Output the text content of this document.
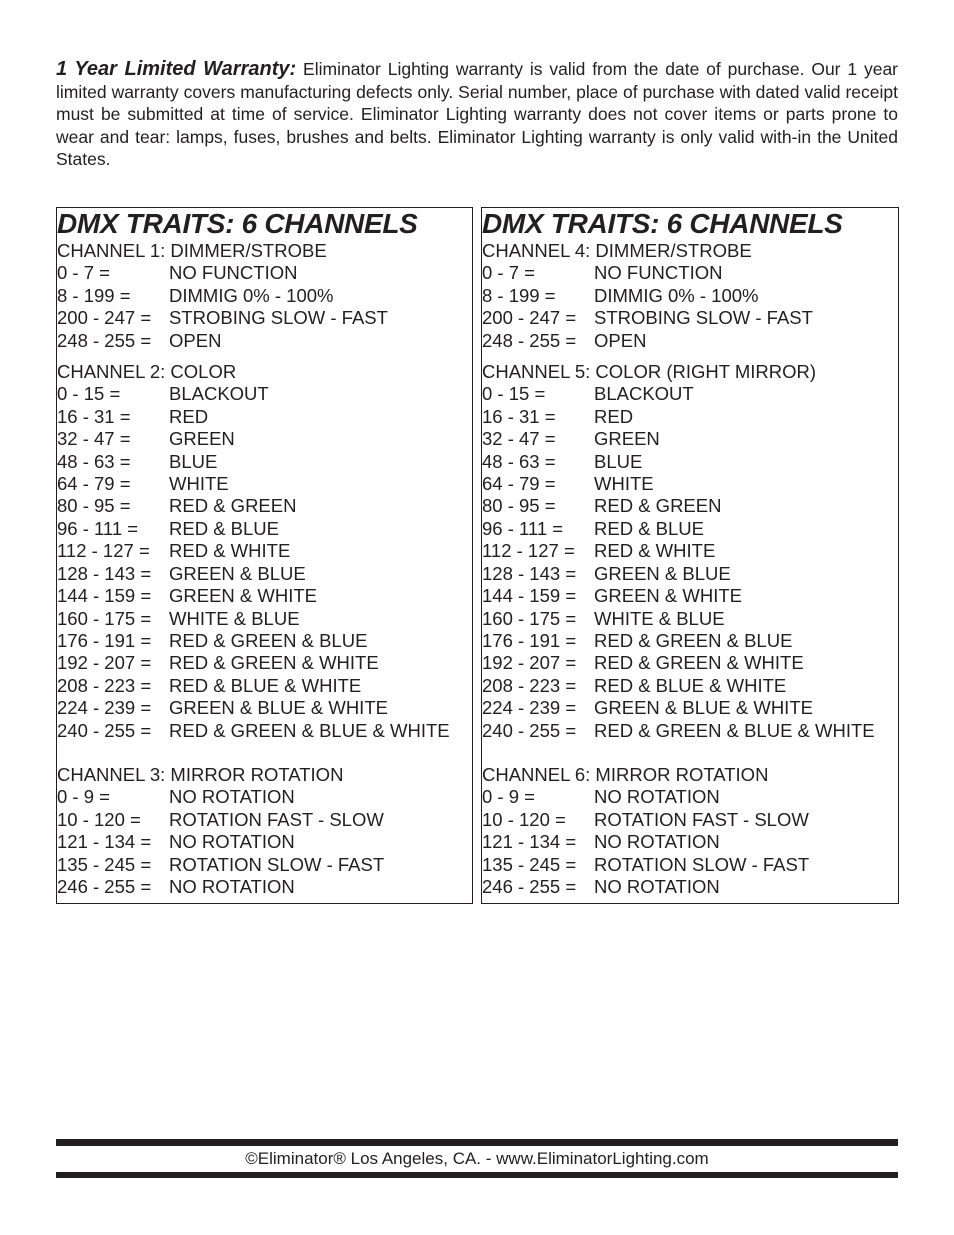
1 Year Limited Warranty: Eliminator Lighting warranty is valid from the date of purchase. Our 1 year limited warranty covers manufacturing defects only. Serial number, place of purchase with dated valid receipt must be submitted at time of service. Eliminator Lighting warranty does not cover items or parts prone to wear and tear: lamps, fuses, brushes and belts. Eliminator Lighting warranty is only valid with-in the United States.
DMX TRAITS: 6 CHANNELS
CHANNEL 1: DIMMER/STROBE
0 - 7 =	NO FUNCTION
8 - 199 =	DIMMIG 0% - 100%
200 - 247 = STROBING SLOW - FAST
248 - 255 = OPEN
CHANNEL 2: COLOR
0 - 15 =	BLACKOUT
16 - 31 =	RED
32 - 47 =	GREEN
48 - 63 =	BLUE
64 - 79 =	WHITE
80 - 95 =	RED & GREEN
96 - 111 =	RED & BLUE
112 - 127 =	RED & WHITE
128 - 143 = GREEN & BLUE
144 - 159 = GREEN & WHITE
160 - 175 = WHITE & BLUE
176 - 191 = RED & GREEN & BLUE
192 - 207 = RED & GREEN & WHITE
208 - 223 = RED & BLUE & WHITE
224 - 239 = GREEN & BLUE & WHITE
240 - 255 = RED & GREEN & BLUE & WHITE
CHANNEL 3: MIRROR ROTATION
0 - 9 =	NO ROTATION
10 - 120 =	ROTATION FAST - SLOW
121 - 134 = NO ROTATION
135 - 245 = ROTATION SLOW - FAST
246 - 255 = NO ROTATION
DMX TRAITS: 6 CHANNELS
CHANNEL 4: DIMMER/STROBE
0 - 7 =	NO FUNCTION
8 - 199 =	DIMMIG 0% - 100%
200 - 247 = STROBING SLOW - FAST
248 - 255 = OPEN
CHANNEL 5: COLOR (RIGHT MIRROR)
0 - 15 =	BLACKOUT
16 - 31 =	RED
32 - 47 =	GREEN
48 - 63 =	BLUE
64 - 79 =	WHITE
80 - 95 =	RED & GREEN
96 - 111 =	RED & BLUE
112 - 127 =	RED & WHITE
128 - 143 = GREEN & BLUE
144 - 159 = GREEN & WHITE
160 - 175 = WHITE & BLUE
176 - 191 = RED & GREEN & BLUE
192 - 207 = RED & GREEN & WHITE
208 - 223 = RED & BLUE & WHITE
224 - 239 = GREEN & BLUE & WHITE
240 - 255 = RED & GREEN & BLUE & WHITE
CHANNEL 6: MIRROR ROTATION
0 - 9 =	NO ROTATION
10 - 120 =	ROTATION FAST - SLOW
121 - 134 = NO ROTATION
135 - 245 = ROTATION SLOW - FAST
246 - 255 = NO ROTATION
©Eliminator® Los Angeles, CA. - www.EliminatorLighting.com
